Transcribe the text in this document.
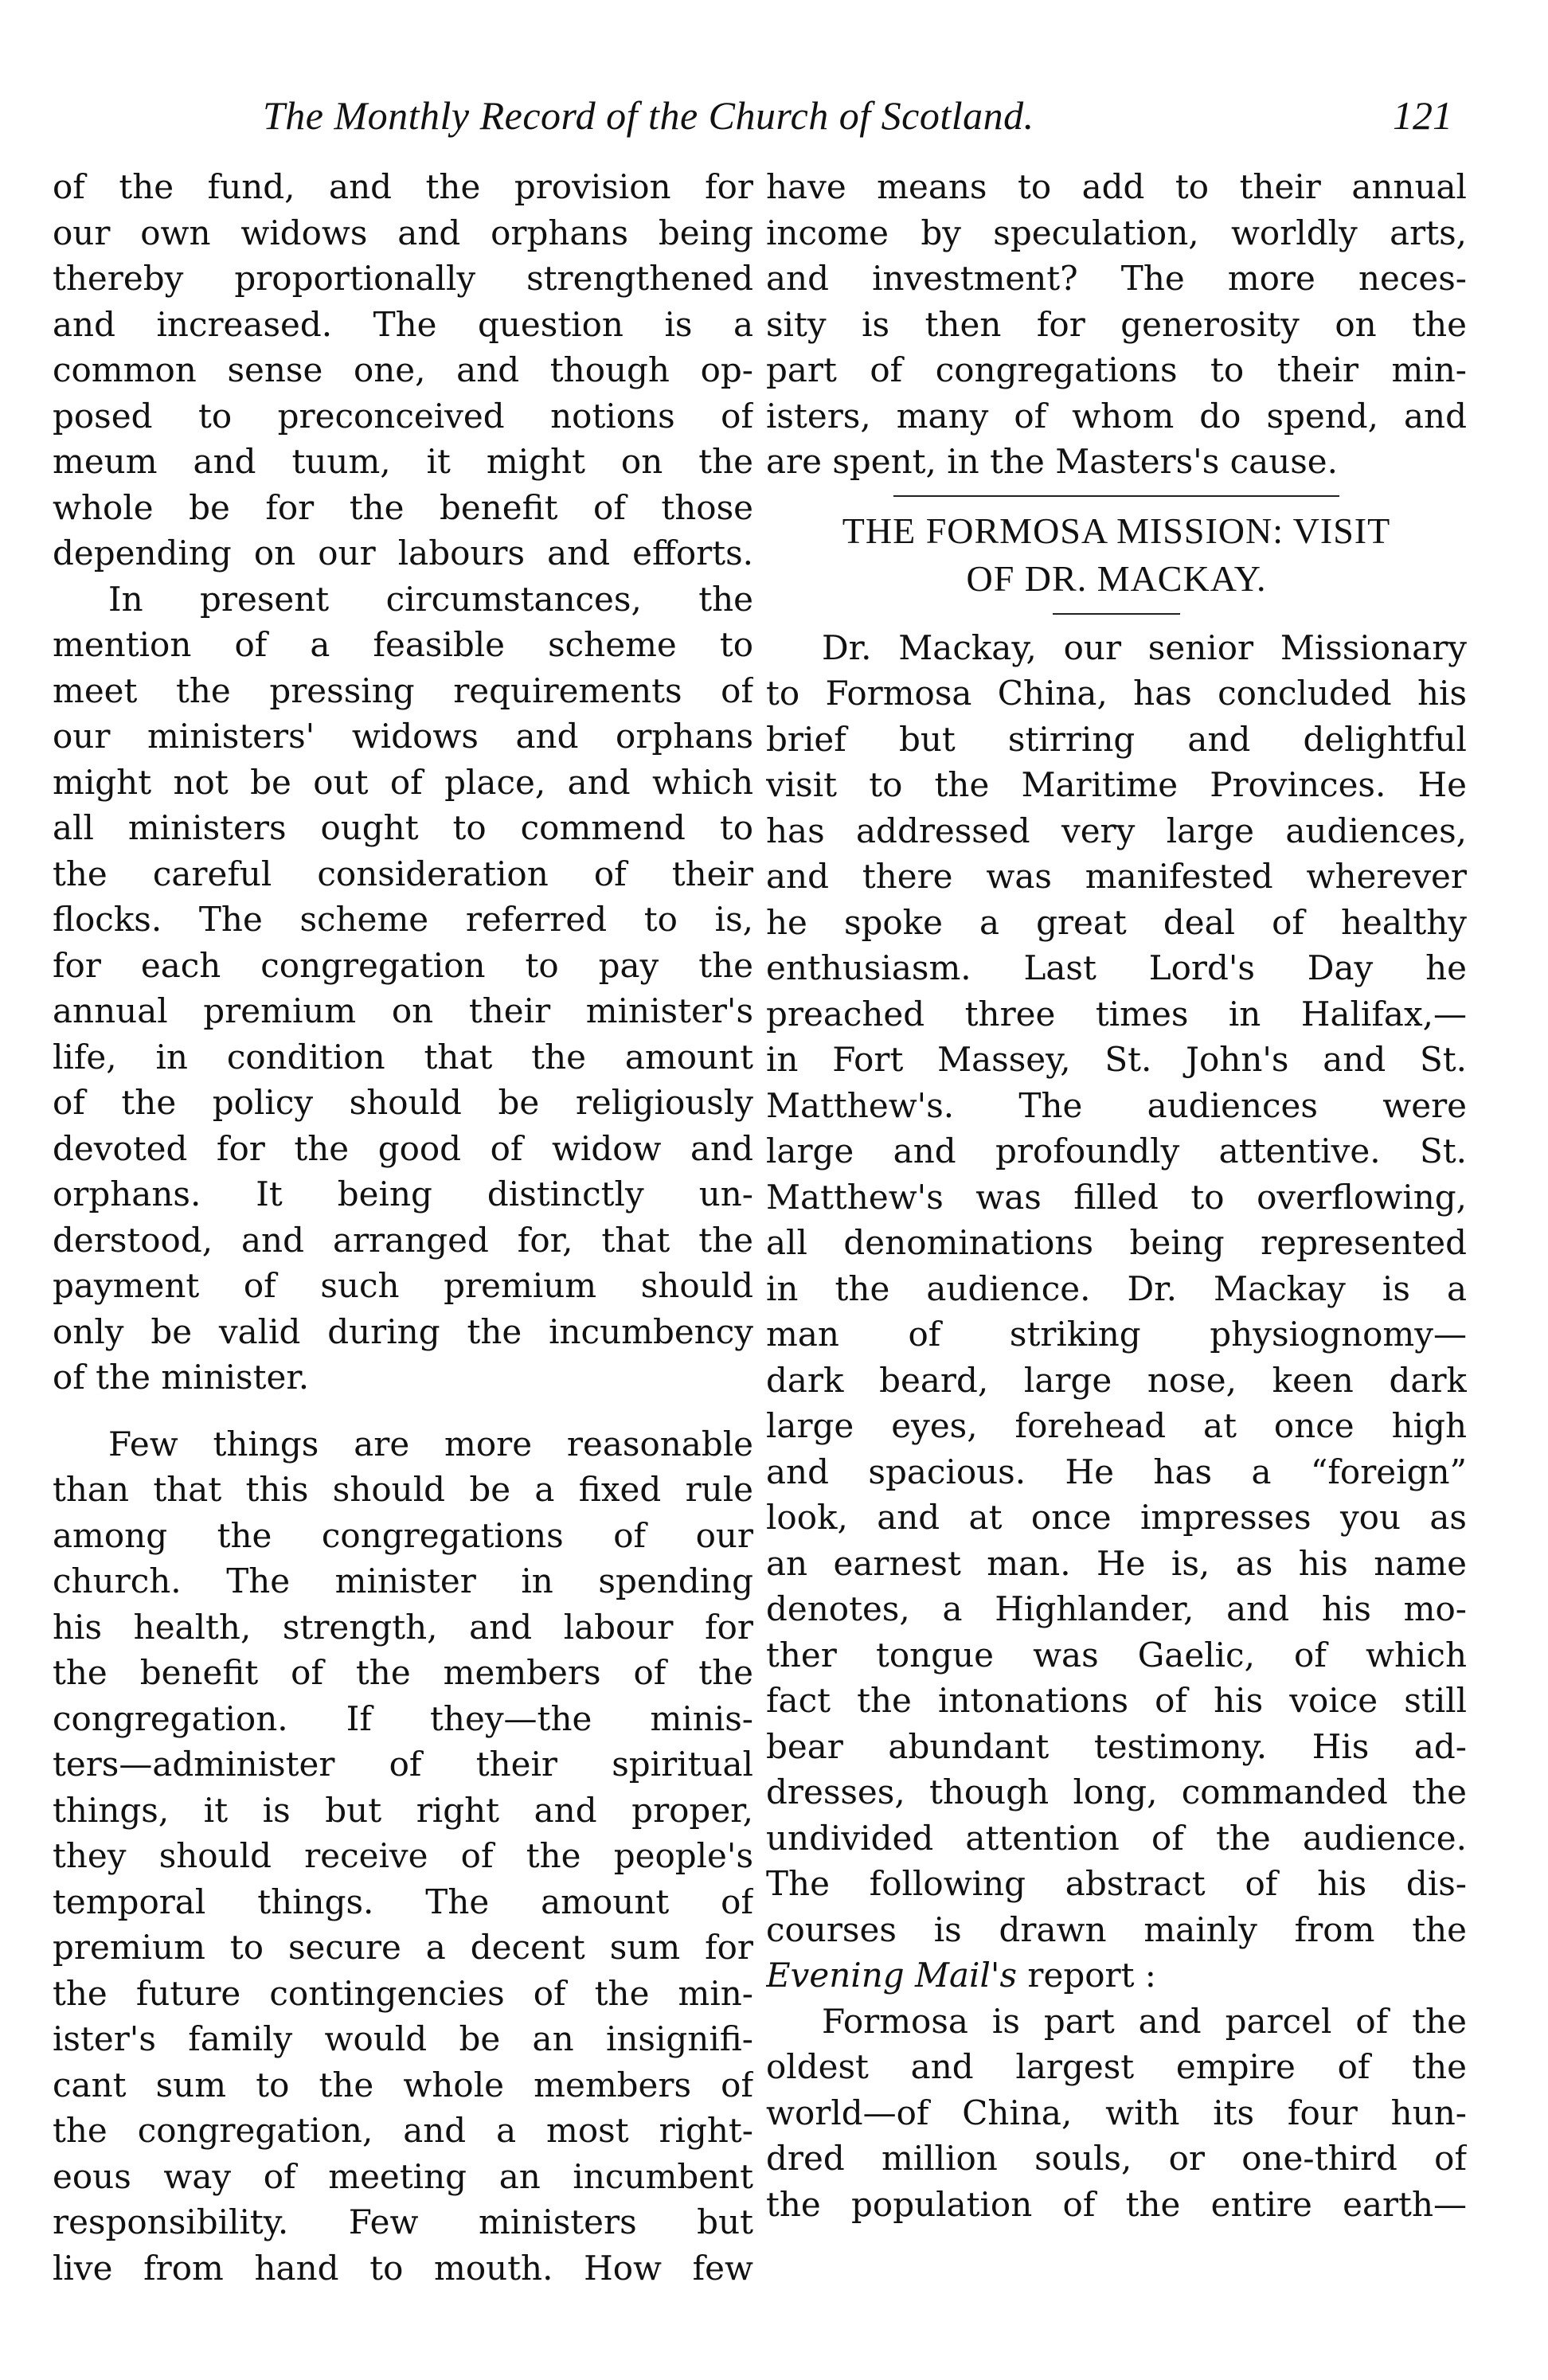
The Monthly Record of the Church of Scotland.	121
of the fund, and the provision for
our own widows and orphans being
thereby proportionally strengthened
and increased. The question is a
common sense one, and though op-
posed to preconceived notions of
meum and tuum, it might on the
whole be for the benefit of those
depending on our labours and efforts.
In present circumstances, the
mention of a feasible scheme to
meet the pressing requirements of
our ministers' widows and orphans
might not be out of place, and which
all ministers ought to commend to
the careful consideration of their
flocks. The scheme referred to is,
for each congregation to pay the
annual premium on their minister's
life, in condition that the amount
of the policy should be religiously
devoted for the good of widow and
orphans. It being distinctly un-
derstood, and arranged for, that the
payment of such premium should
only be valid during the incumbency
of the minister.
Few things are more reasonable
than that this should be a fixed rule
among the congregations of our
church. The minister in spending
his health, strength, and labour for
the benefit of the members of the
congregation. If they—the minis-
ters—administer of their spiritual
things, it is but right and proper,
they should receive of the people's
temporal things. The amount of
premium to secure a decent sum for
the future contingencies of the min-
ister's family would be an insignifi-
cant sum to the whole members of
the congregation, and a most right-
eous way of meeting an incumbent
responsibility. Few ministers but
live from hand to mouth. How few
have means to add to their annual
income by speculation, worldly arts,
and investment? The more neces-
sity is then for generosity on the
part of congregations to their min-
isters, many of whom do spend, and
are spent, in the Masters's cause.
THE FORMOSA MISSION: VISIT
OF DR. MACKAY.
Dr. Mackay, our senior Missionary
to Formosa China, has concluded his
brief but stirring and delightful
visit to the Maritime Provinces. He
has addressed very large audiences,
and there was manifested wherever
he spoke a great deal of healthy
enthusiasm. Last Lord's Day he
preached three times in Halifax,—
in Fort Massey, St. John's and St.
Matthew's. The audiences were
large and profoundly attentive. St.
Matthew's was filled to overflowing,
all denominations being represented
in the audience. Dr. Mackay is a
man of striking physiognomy—
dark beard, large nose, keen dark
large eyes, forehead at once high
and spacious. He has a “foreign”
look, and at once impresses you as
an earnest man. He is, as his name
denotes, a Highlander, and his mo-
ther tongue was Gaelic, of which
fact the intonations of his voice still
bear abundant testimony. His ad-
dresses, though long, commanded the
undivided attention of the audience.
The following abstract of his dis-
courses is drawn mainly from the
Evening Mail's report :
Formosa is part and parcel of the
oldest and largest empire of the
world—of China, with its four hun-
dred million souls, or one-third of
the population of the entire earth—
